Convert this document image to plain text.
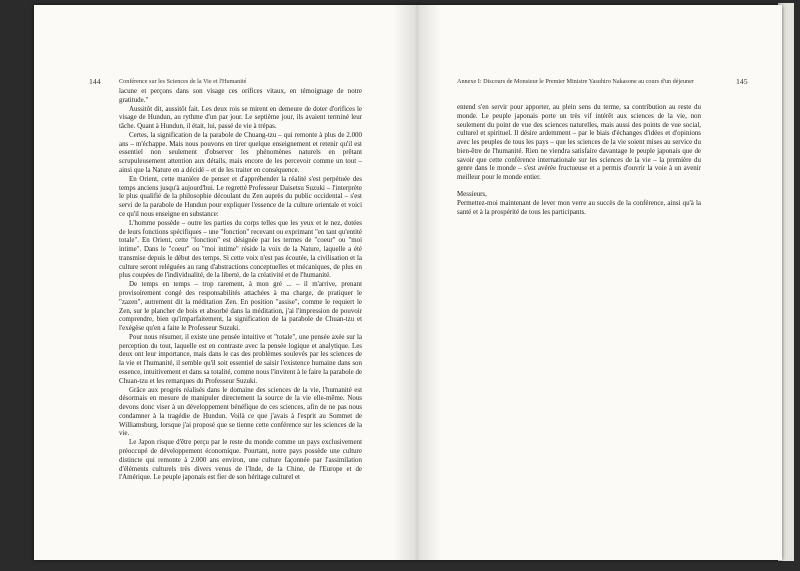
144	Conférence sur les Sciences de la Vie et l'Humanité

lacune et perçons dans son visage ces orifices vitaux, en témoignage de notre gratitude."

Aussitôt dit, aussitôt fait. Les deux rois se mirent en demeure de doter d'orifices le visage de Hundun, au rythme d'un par jour. Le septième jour, ils avaient terminé leur tâche. Quant à Hundun, il était, lui, passé de vie à trépas.

Certes, la signification de la parabole de Chuang-tzu – qui remonte à plus de 2.000 ans – m'échappe. Mais nous pouvons en tirer quelque enseignement et retenir qu'il est essentiel non seulement d'observer les phénomènes naturels en prêtant scrupuleusement attention aux détails, mais encore de les percevoir comme un tout – ainsi que la Nature en a décidé – et de les traiter en conséquence.

En Orient, cette manière de penser et d'appréhender la réalité s'est perpétuée des temps anciens jusqu'à aujourd'hui. Le regretté Professeur Daisetsu Suzuki – l'interprète le plus qualifié de la philosophie découlant du Zen auprès du public occidental – s'est servi de la parabole de Hundun pour expliquer l'essence de la culture orientale et voici ce qu'il nous enseigne en substance:

L'homme possède – outre les parties du corps telles que les yeux et le nez, dotées de leurs fonctions spécifiques – une "fonction" recevant ou exprimant "en tant qu'entité totale". En Orient, cette "fonction" est désignée par les termes de "coeur" ou "moi intime". Dans le "coeur" ou "moi intime" réside la voix de la Nature, laquelle a été transmise depuis le début des temps. Si cette voix n'est pas écoutée, la civilisation et la culture seront reléguées au rang d'abstractions conceptuelles et mécaniques, de plus en plus coupées de l'individualité, de la liberté, de la créativité et de l'humanité.

De temps en temps – trop rarement, à mon gré ... – il m'arrive, prenant provisoirement congé des responsabilités attachées à ma charge, de pratiquer le "zazen", autrement dit la méditation Zen. En position "assise", comme le requiert le Zen, sur le plancher de bois et absorbé dans la méditation, j'ai l'impression de pouvoir comprendre, bien qu'imparfaitement, la signification de la parabole de Chuan-tzu et l'exégèse qu'en a faite le Professeur Suzuki.

Pour nous résumer, il existe une pensée intuitive et "totale", une pensée axée sur la perception du tout, laquelle est en contraste avec la pensée logique et analytique. Les deux ont leur importance, mais dans le cas des problèmes soulevés par les sciences de la vie et l'humanité, il semble qu'il soit essentiel de saisir l'existence humaine dans son essence, intuitivement et dans sa totalité, comme nous l'invitent à le faire la parabole de Chuan-tzu et les remarques du Professeur Suzuki.

Grâce aux progrès réalisés dans le domaine des sciences de la vie, l'humanité est désormais en mesure de manipuler directement la source de la vie elle-même. Nous devons donc viser à un développement bénéfique de ces sciences, afin de ne pas nous condamner à la tragédie de Hundun. Voilà ce que j'avais à l'esprit au Sommet de Williamsburg, lorsque j'ai proposé que se tienne cette conférence sur les sciences de la vie.

Le Japon risque d'être perçu par le reste du monde comme un pays exclusivement préoccupé de développement économique. Pourtant, notre pays possède une culture distincte qui remonte à 2.000 ans environ, une culture façonnée par l'assimilation d'éléments culturels très divers venus de l'Inde, de la Chine, de l'Europe et de l'Amérique. Le peuple japonais est fier de son héritage culturel et

Annexe I: Discours de Monsieur le Premier Ministre Yasuhiro Nakasone au cours d'un déjeuner	145

entend s'en servir pour apporter, au plein sens du terme, sa contribution au reste du monde. Le peuple japonais porte un très vif intérêt aux sciences de la vie, non seulement du point de vue des sciences naturelles, mais aussi des points de vue social, culturel et spirituel. Il désire ardemment – par le biais d'échanges d'idées et d'opinions avec les peuples de tous les pays – que les sciences de la vie soient mises au service du bien-être de l'humanité. Rien ne viendra satisfaire davantage le peuple japonais que de savoir que cette conférence internationale sur les sciences de la vie – la première du genre dans le monde – s'est avérée fructueuse et a permis d'ouvrir la voie à un avenir meilleur pour le monde entier.

Messieurs,

Permettez-moi maintenant de lever mon verre au succès de la conférence, ainsi qu'à la santé et à la prospérité de tous les participants.
